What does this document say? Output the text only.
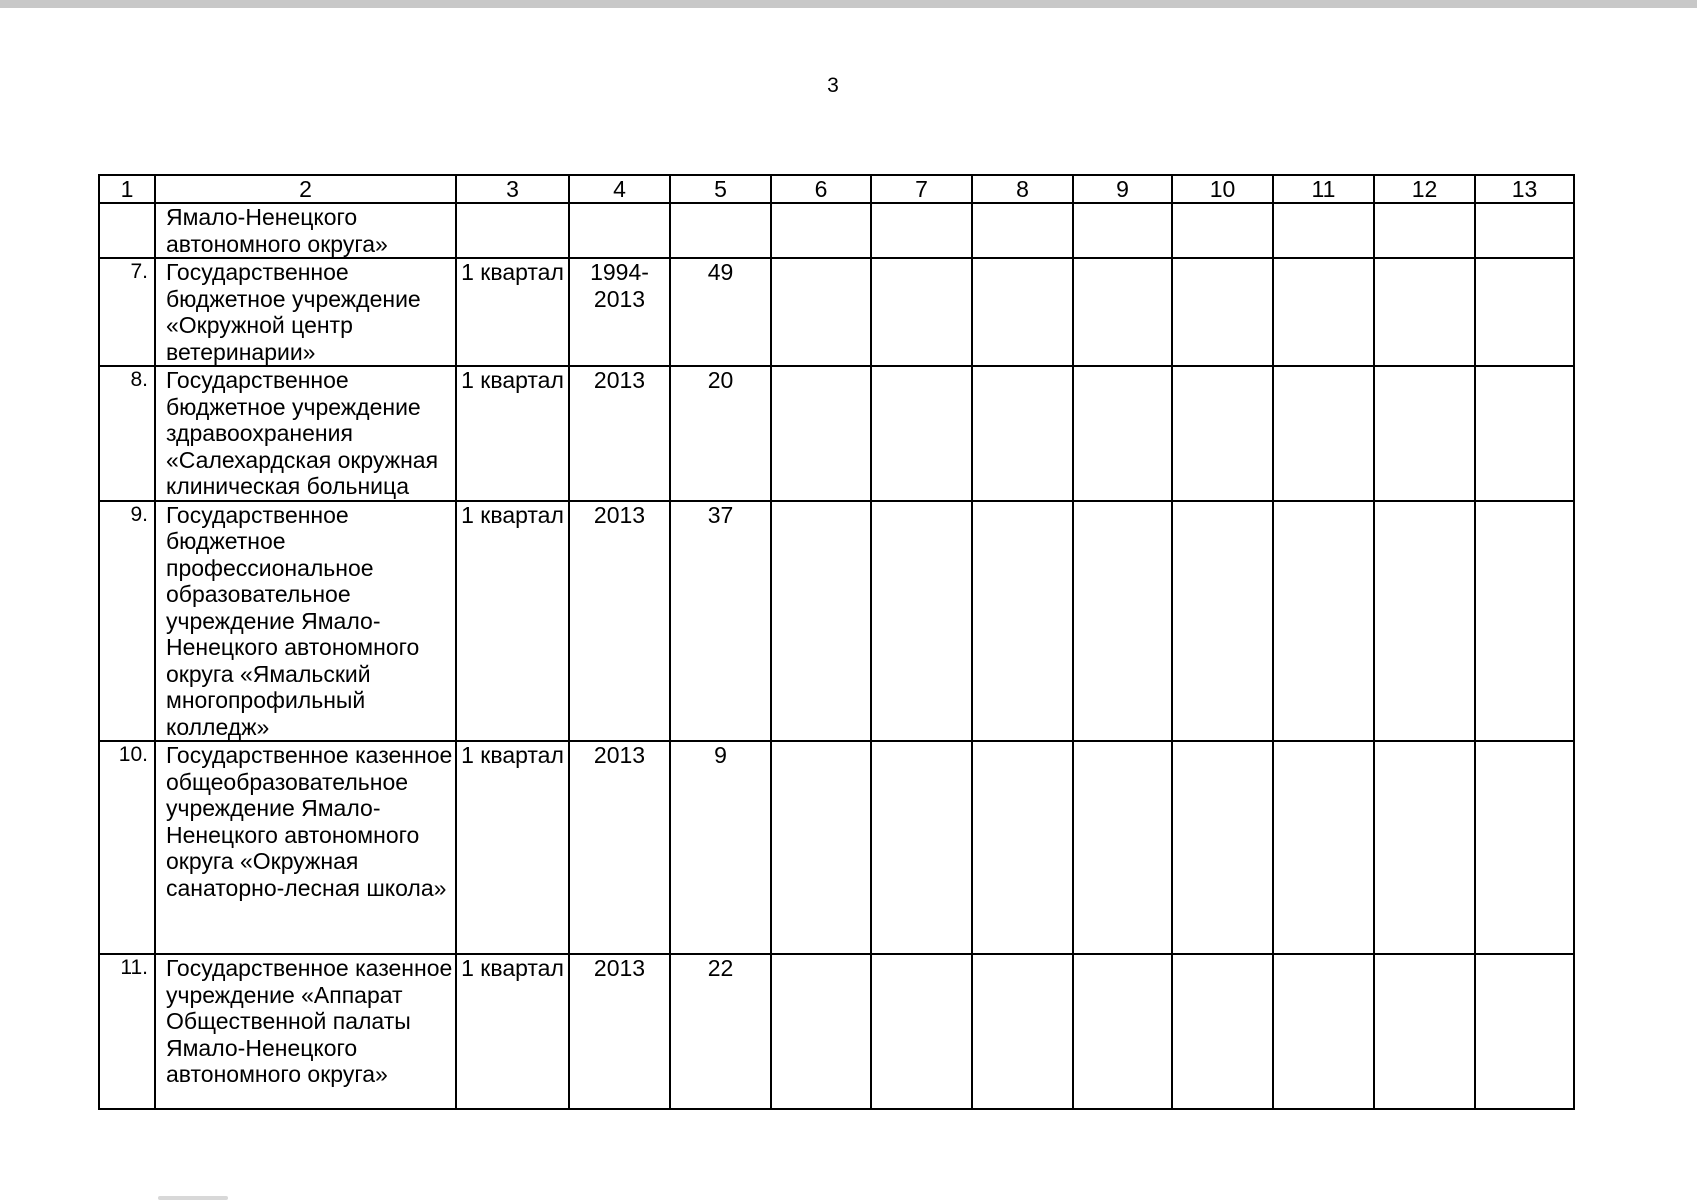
3
1	2	3	4	5	6	7	8	9	10	11	12	13
	Ямало-Ненецкого автономного округа»											
7.	Государственное бюджетное учреждение «Окружной центр ветеринарии»	1 квартал	1994-2013	49								
8.	Государственное бюджетное учреждение здравоохранения «Салехардская окружная клиническая больница	1 квартал	2013	20								
9.	Государственное бюджетное профессиональное образовательное учреждение Ямало-Ненецкого автономного округа «Ямальский многопрофильный колледж»	1 квартал	2013	37								
10.	Государственное казенное общеобразовательное учреждение Ямало-Ненецкого автономного округа «Окружная санаторно-лесная школа»	1 квартал	2013	9								
11.	Государственное казенное учреждение «Аппарат Общественной палаты Ямало-Ненецкого автономного округа»	1 квартал	2013	22								
